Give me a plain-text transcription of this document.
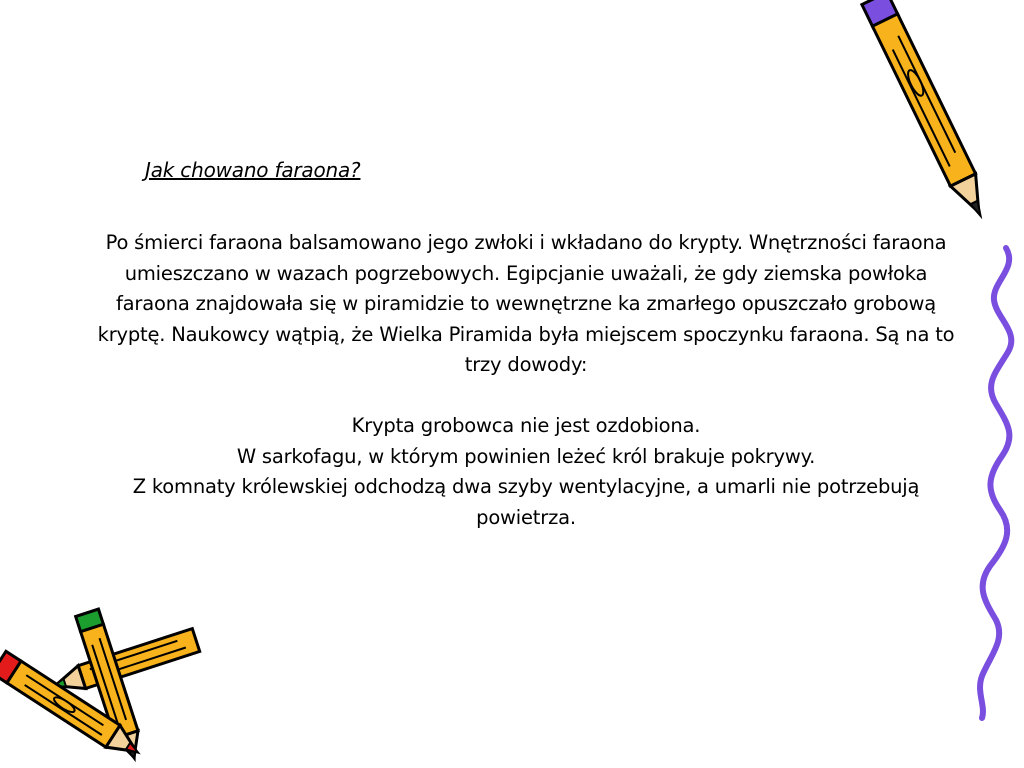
Jak chowano faraona?

Po śmierci faraona balsamowano jego zwłoki i wkładano do krypty. Wnętrzności faraona umieszczano w wazach pogrzebowych. Egipcjanie uważali, że gdy ziemska powłoka faraona znajdowała się w piramidzie to wewnętrzne ka zmarłego opuszczało grobową kryptę. Naukowcy wątpią, że Wielka Piramida była miejscem spoczynku faraona. Są na to trzy dowody:

Krypta grobowca nie jest ozdobiona.

W sarkofagu, w którym powinien leżeć król brakuje pokrywy.

Z komnaty królewskiej odchodzą dwa szyby wentylacyjne, a umarli nie potrzebują powietrza.
